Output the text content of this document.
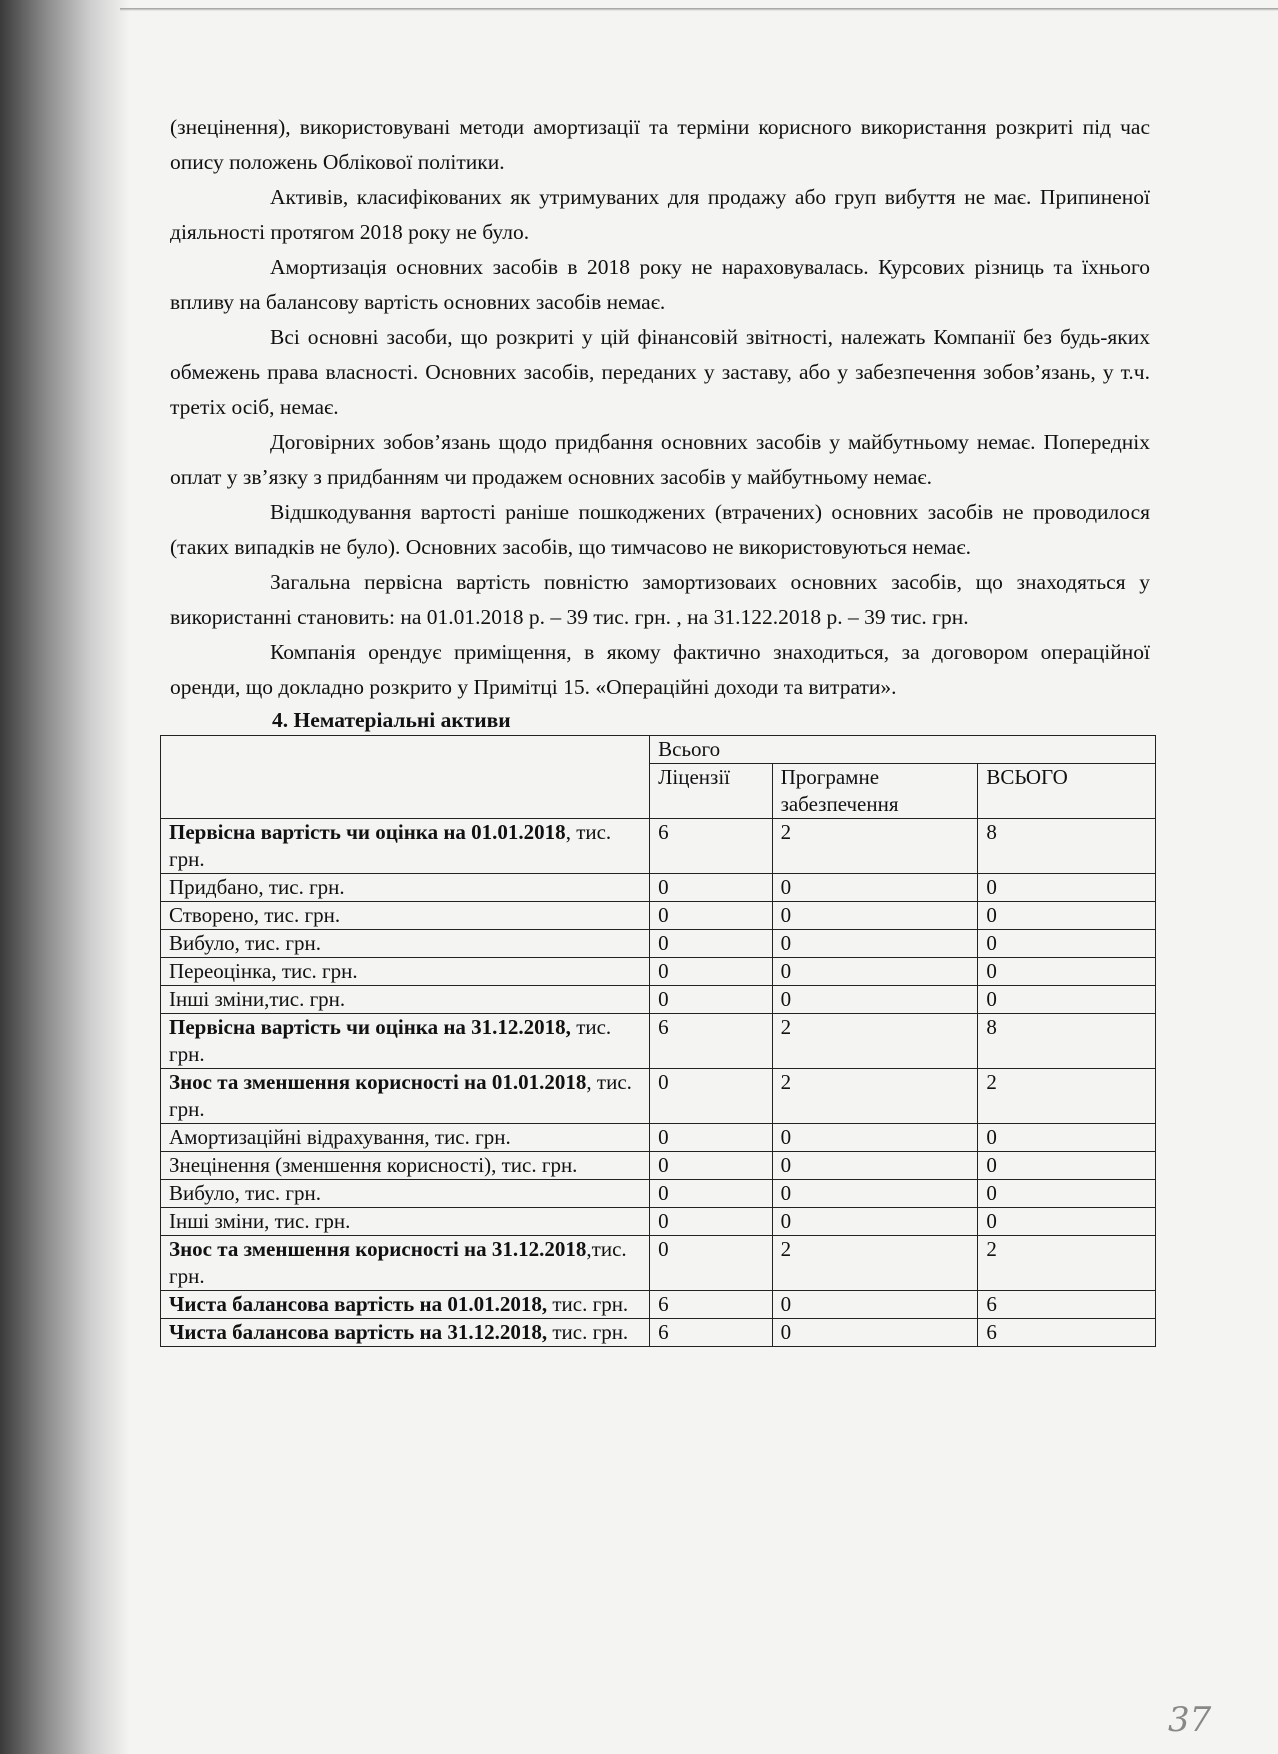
(знецінення), використовувані методи амортизації та терміни корисного використання розкриті під час опису положень Облікової політики.

Активів, класифікованих як утримуваних для продажу або груп вибуття не має. Припиненої діяльності протягом 2018 року не було.

Амортизація основних засобів в 2018 року не нараховувалась. Курсових різниць та їхнього впливу на балансову вартість основних засобів немає.

Всі основні засоби, що розкриті у цій фінансовій звітності, належать Компанії без будь-яких обмежень права власності. Основних засобів, переданих у заставу, або у забезпечення зобов’язань, у т.ч. третіх осіб, немає.

Договірних зобов’язань щодо придбання основних засобів у майбутньому немає. Попередніх оплат у зв’язку з придбанням чи продажем основних засобів у майбутньому немає.

Відшкодування вартості раніше пошкоджених (втрачених) основних засобів не проводилося (таких випадків не було). Основних засобів, що тимчасово не використовуються немає.

Загальна первісна вартість повністю замортизоваих основних засобів, що знаходяться у використанні становить: на 01.01.2018 р. – 39 тис. грн. , на 31.122.2018 р. – 39 тис. грн.

Компанія орендує приміщення, в якому фактично знаходиться, за договором операційної оренди, що докладно розкрито у Примітці 15. «Операційні доходи та витрати».

4. Нематеріальні активи

	Всього		
	Ліцензії	Програмне забезпечення	ВСЬОГО
Первісна вартість чи оцінка на 01.01.2018, тис. грн.	6	2	8
Придбано, тис. грн.	0	0	0
Створено, тис. грн.	0	0	0
Вибуло, тис. грн.	0	0	0
Переоцінка, тис. грн.	0	0	0
Інші зміни,тис. грн.	0	0	0
Первісна вартість чи оцінка на 31.12.2018, тис. грн.	6	2	8
Знос та зменшення корисності на 01.01.2018, тис. грн.	0	2	2
Амортизаційні відрахування, тис. грн.	0	0	0
Знецінення (зменшення корисності), тис. грн.	0	0	0
Вибуло, тис. грн.	0	0	0
Інші зміни, тис. грн.	0	0	0
Знос та зменшення корисності на 31.12.2018,тис. грн.	0	2	2
Чиста балансова вартість на 01.01.2018, тис. грн.	6	0	6
Чиста балансова вартість на 31.12.2018, тис. грн.	6	0	6
37
